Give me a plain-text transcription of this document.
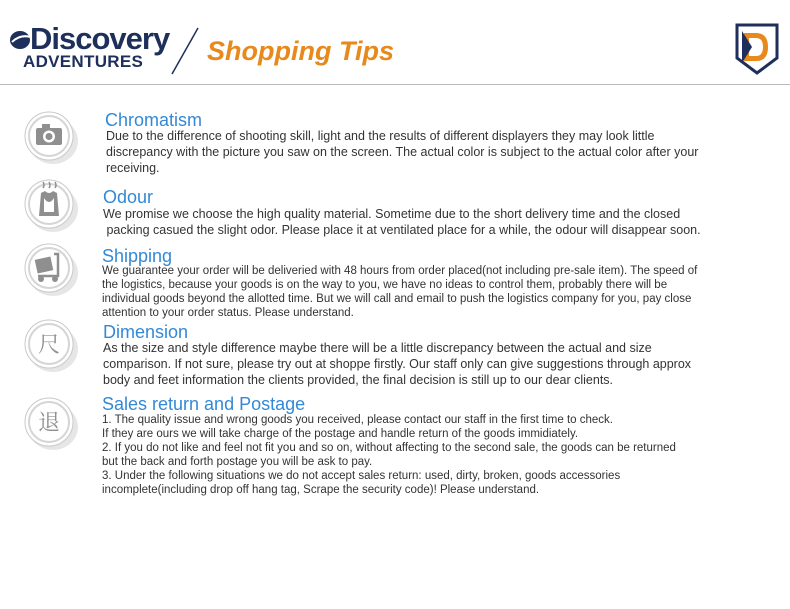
Discovery
ADVENTURES Shopping Tips
Chromatism
Due to the difference of shooting skill, light and the results of different displayers they may look little
discrepancy with the picture you saw on the screen. The actual color is subject to the actual color after your
receiving.
Odour
We promise we choose the high quality material. Sometime due to the short delivery time and the closed
packing casued the slight odor. Please place it at ventilated place for a while, the odour will disappear soon.
Shipping
We guarantee your order will be deliveried with 48 hours from order placed(not including pre-sale item). The speed of
the logistics, because your goods is on the way to you, we have no ideas to control them, probably there will be
individual goods beyond the allotted time. But we will call and email to push the logistics company for you, pay close
attention to your order status. Please understand.
尺
Dimension
As the size and style difference maybe there will be a little discrepancy between the actual and size
comparison. If not sure, please try out at shoppe firstly. Our staff only can give suggestions through approx
body and feet information the clients provided, the final decision is still up to our dear clients.
退
Sales return and Postage
1. The quality issue and wrong goods you received, please contact our staff in the first time to check.
If they are ours we will take charge of the postage and handle return of the goods immidiately.
2. If you do not like and feel not fit you and so on, without affecting to the second sale, the goods can be returned
but the back and forth postage you will be ask to pay.
3. Under the following situations we do not accept sales return: used, dirty, broken, goods accessories
incomplete(including drop off hang tag, Scrape the security code)! Please understand.
